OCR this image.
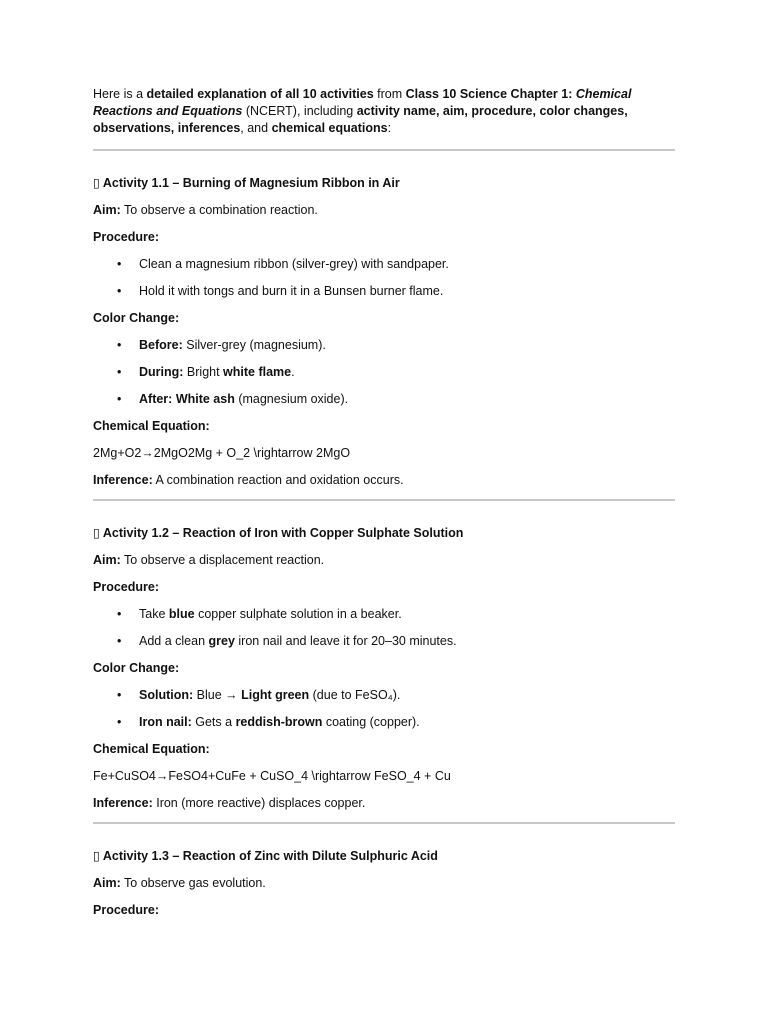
Here is a detailed explanation of all 10 activities from Class 10 Science Chapter 1: Chemical Reactions and Equations (NCERT), including activity name, aim, procedure, color changes, observations, inferences, and chemical equations:

▯ Activity 1.1 – Burning of Magnesium Ribbon in Air

Aim: To observe a combination reaction.

Procedure:

• Clean a magnesium ribbon (silver-grey) with sandpaper.
• Hold it with tongs and burn it in a Bunsen burner flame.

Color Change:

• Before: Silver-grey (magnesium).
• During: Bright white flame.
• After: White ash (magnesium oxide).

Chemical Equation:

2Mg+O2→2MgO2Mg + O_2 \rightarrow 2MgO

Inference: A combination reaction and oxidation occurs.

▯ Activity 1.2 – Reaction of Iron with Copper Sulphate Solution

Aim: To observe a displacement reaction.

Procedure:

• Take blue copper sulphate solution in a beaker.
• Add a clean grey iron nail and leave it for 20–30 minutes.

Color Change:

• Solution: Blue → Light green (due to FeSO₄).
• Iron nail: Gets a reddish-brown coating (copper).

Chemical Equation:

Fe+CuSO4→FeSO4+CuFe + CuSO_4 \rightarrow FeSO_4 + Cu

Inference: Iron (more reactive) displaces copper.

▯ Activity 1.3 – Reaction of Zinc with Dilute Sulphuric Acid

Aim: To observe gas evolution.

Procedure:
